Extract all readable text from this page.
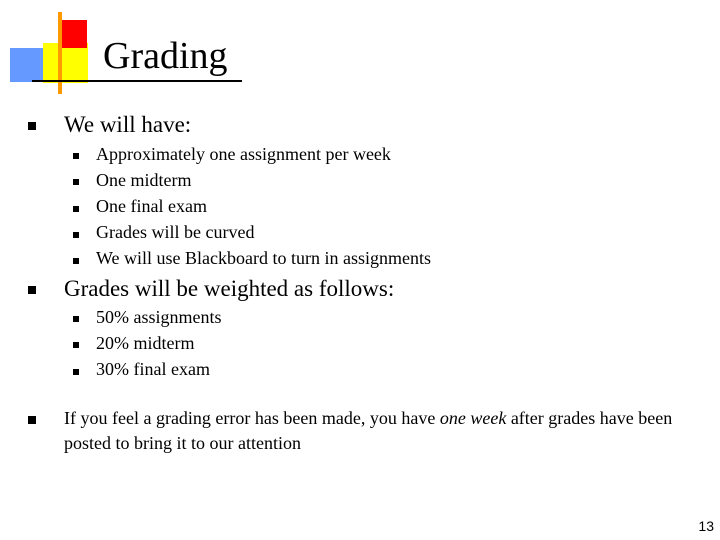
Grading
We will have:
Approximately one assignment per week
One midterm
One final exam
Grades will be curved
We will use Blackboard to turn in assignments
Grades will be weighted as follows:
50% assignments
20% midterm
30% final exam
If you feel a grading error has been made, you have one week after grades have been posted to bring it to our attention
13
